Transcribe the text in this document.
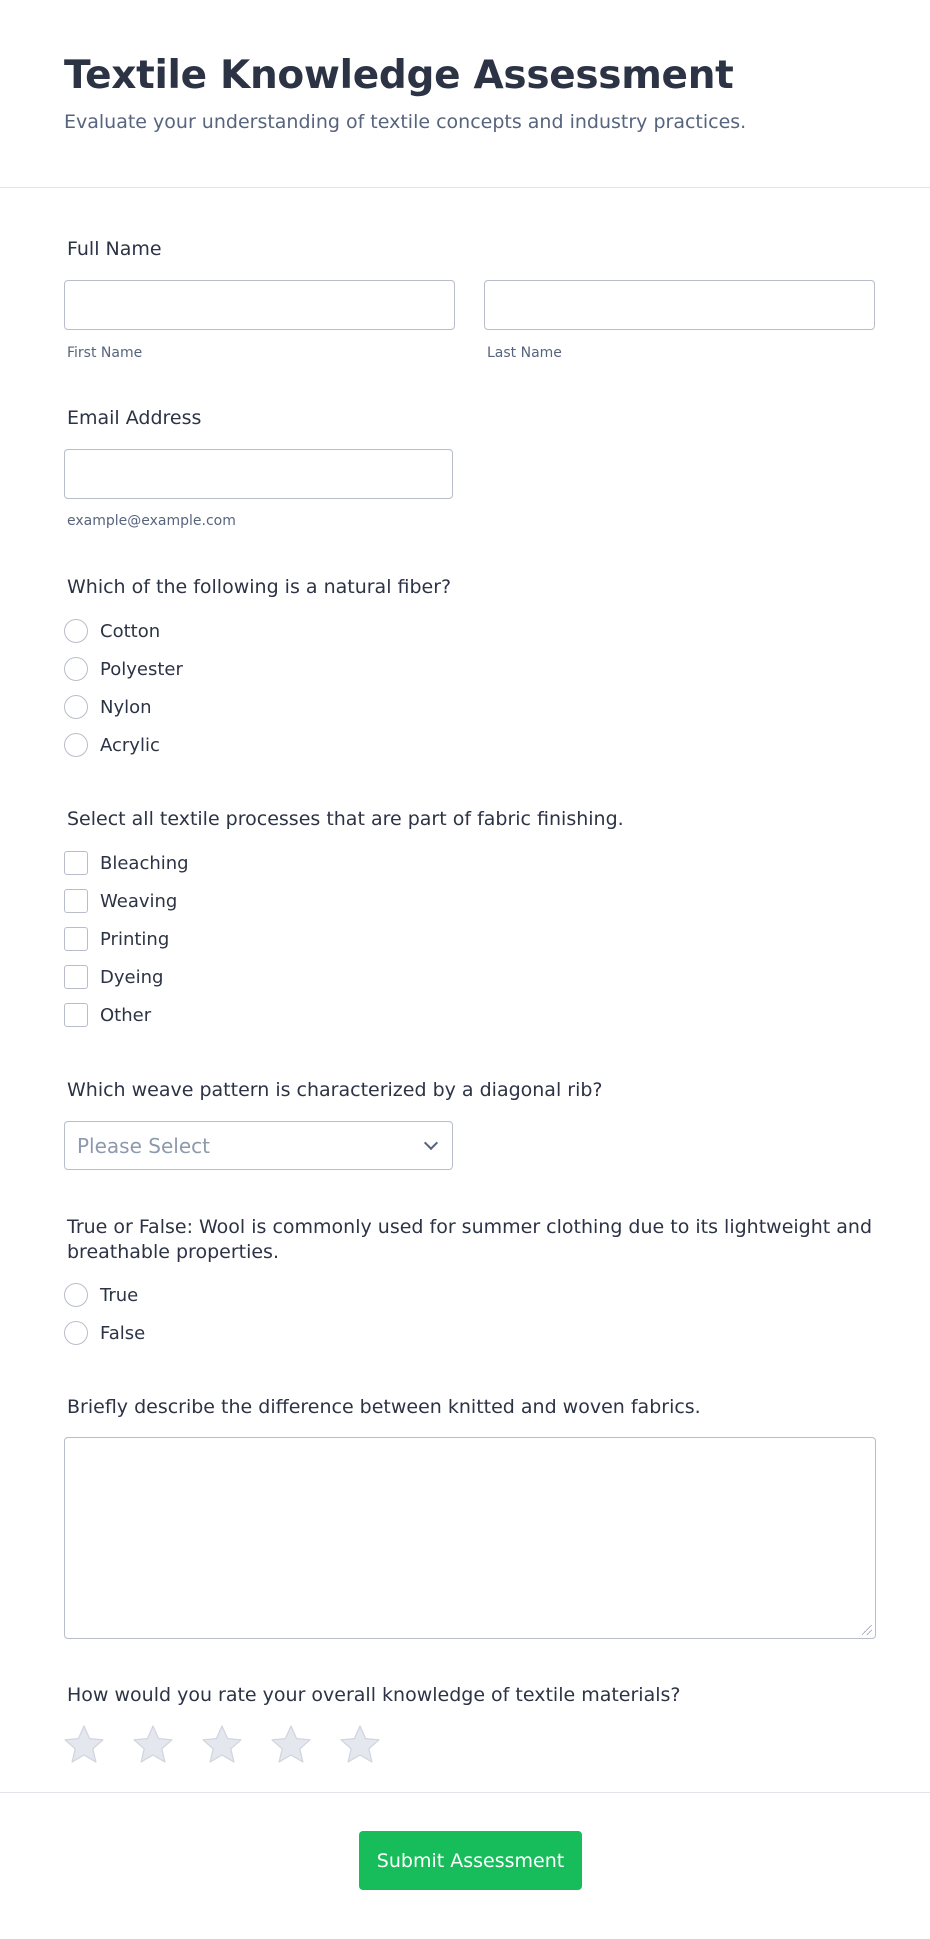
Textile Knowledge Assessment

Evaluate your understanding of textile concepts and industry practices.

Full Name
First Name	Last Name
Email Address
example@example.com
Which of the following is a natural fiber?
Cotton
Polyester
Nylon
Acrylic
Select all textile processes that are part of fabric finishing.
Bleaching
Weaving
Printing
Dyeing
Other
Which weave pattern is characterized by a diagonal rib?
Please Select
True or False: Wool is commonly used for summer clothing due to its lightweight and breathable properties.
True
False
Briefly describe the difference between knitted and woven fabrics.
How would you rate your overall knowledge of textile materials?
Submit Assessment
